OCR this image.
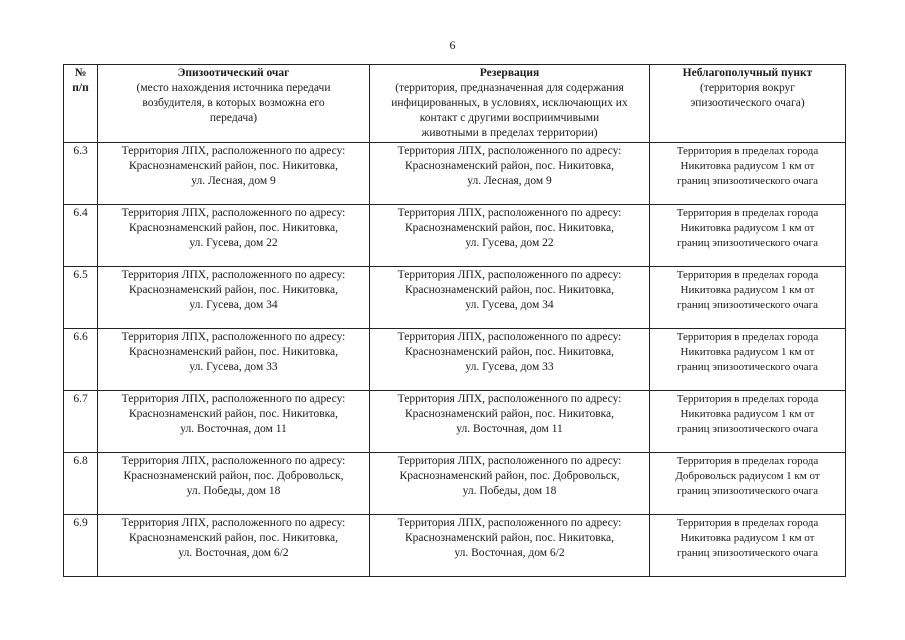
6
№
п/п	Эпизоотический очаг
(место нахождения источника передачи
возбудителя, в которых возможна его
передача)	Резервация
(территория, предназначенная для содержания
инфицированных, в условиях, исключающих их
контакт с другими восприимчивыми
животными в пределах территории)	Неблагополучный пункт
(территория вокруг
эпизоотического очага)

6.3	Территория ЛПХ, расположенного по адресу:
Краснознаменский район, пос. Никитовка,
ул. Лесная, дом 9	Территория ЛПХ, расположенного по адресу:
Краснознаменский район, пос. Никитовка,
ул. Лесная, дом 9	Территория в пределах города
Никитовка радиусом 1 км от
границ эпизоотического очага

6.4	Территория ЛПХ, расположенного по адресу:
Краснознаменский район, пос. Никитовка,
ул. Гусева, дом 22	Территория ЛПХ, расположенного по адресу:
Краснознаменский район, пос. Никитовка,
ул. Гусева, дом 22	Территория в пределах города
Никитовка радиусом 1 км от
границ эпизоотического очага

6.5	Территория ЛПХ, расположенного по адресу:
Краснознаменский район, пос. Никитовка,
ул. Гусева, дом 34	Территория ЛПХ, расположенного по адресу:
Краснознаменский район, пос. Никитовка,
ул. Гусева, дом 34	Территория в пределах города
Никитовка радиусом 1 км от
границ эпизоотического очага

6.6	Территория ЛПХ, расположенного по адресу:
Краснознаменский район, пос. Никитовка,
ул. Гусева, дом 33	Территория ЛПХ, расположенного по адресу:
Краснознаменский район, пос. Никитовка,
ул. Гусева, дом 33	Территория в пределах города
Никитовка радиусом 1 км от
границ эпизоотического очага

6.7	Территория ЛПХ, расположенного по адресу:
Краснознаменский район, пос. Никитовка,
ул. Восточная, дом 11	Территория ЛПХ, расположенного по адресу:
Краснознаменский район, пос. Никитовка,
ул. Восточная, дом 11	Территория в пределах города
Никитовка радиусом 1 км от
границ эпизоотического очага

6.8	Территория ЛПХ, расположенного по адресу:
Краснознаменский район, пос. Добровольск,
ул. Победы, дом 18	Территория ЛПХ, расположенного по адресу:
Краснознаменский район, пос. Добровольск,
ул. Победы, дом 18	Территория в пределах города
Добровольск радиусом 1 км от
границ эпизоотического очага

6.9	Территория ЛПХ, расположенного по адресу:
Краснознаменский район, пос. Никитовка,
ул. Восточная, дом 6/2	Территория ЛПХ, расположенного по адресу:
Краснознаменский район, пос. Никитовка,
ул. Восточная, дом 6/2	Территория в пределах города
Никитовка радиусом 1 км от
границ эпизоотического очага
